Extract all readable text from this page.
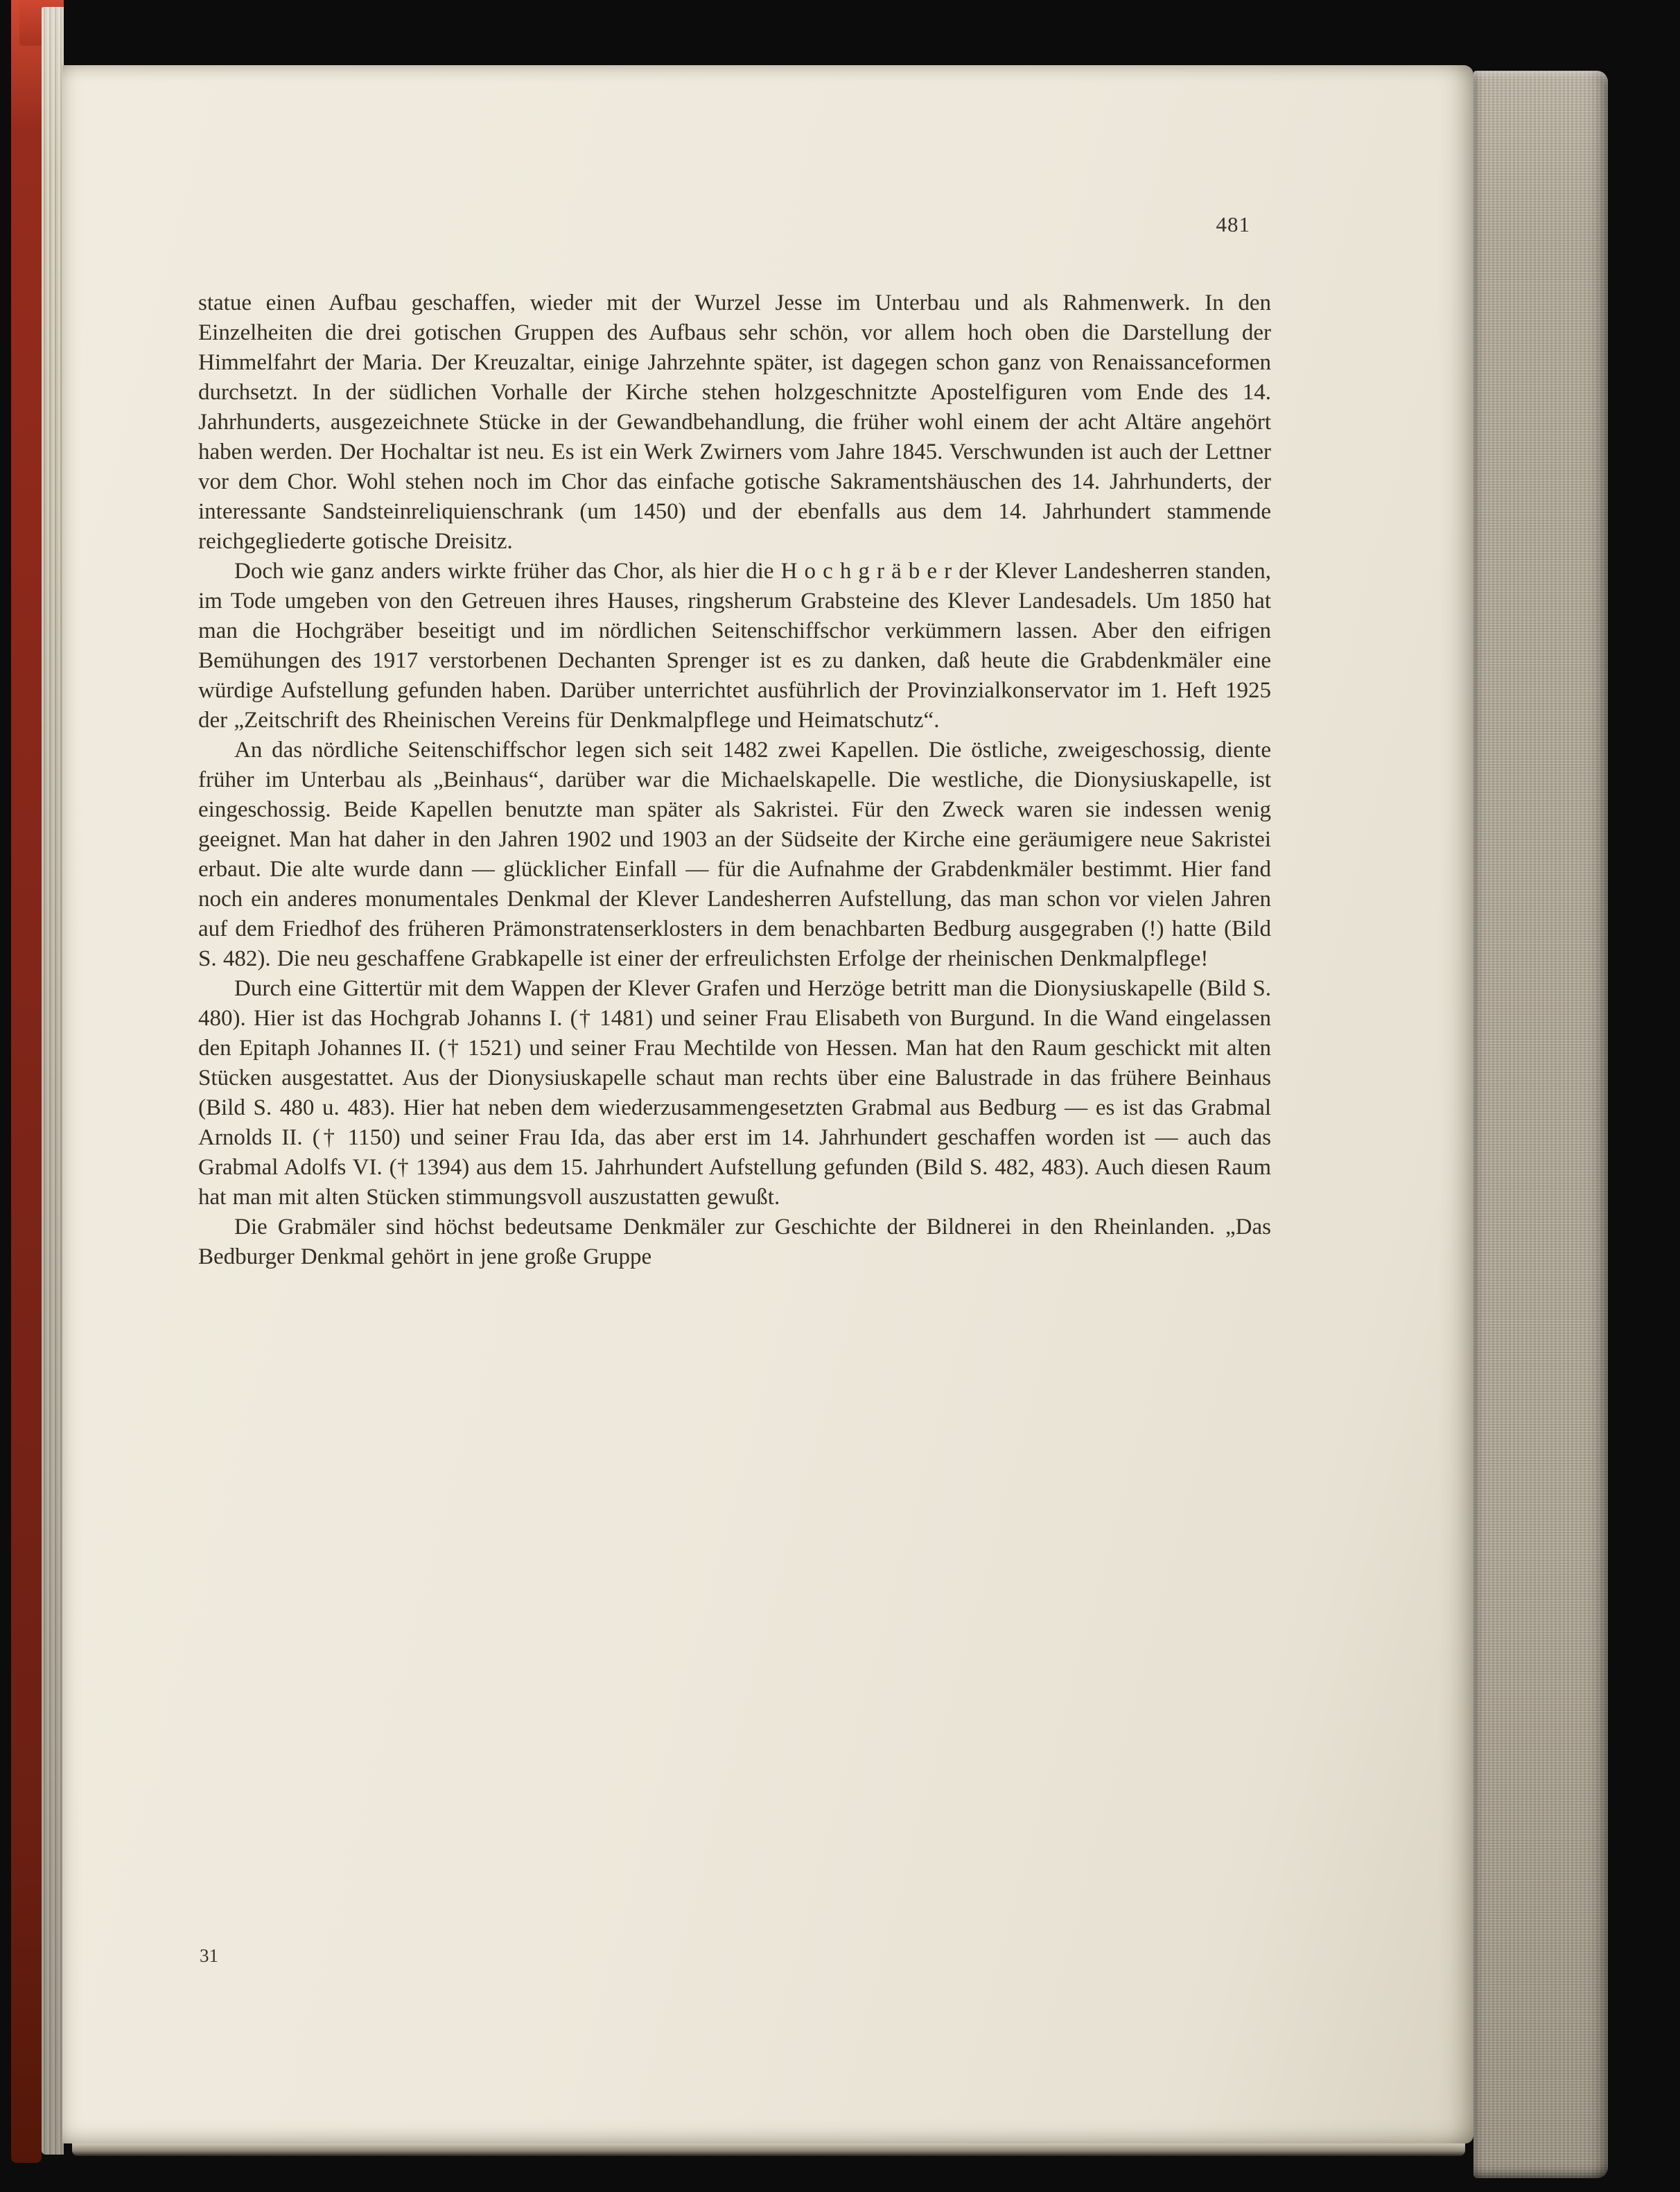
481

statue einen Aufbau geschaffen, wieder mit der Wurzel Jesse im Unterbau und als Rahmenwerk. In den Einzelheiten die drei gotischen Gruppen des Aufbaus sehr schön, vor allem hoch oben die Darstellung der Himmelfahrt der Maria. Der Kreuzaltar, einige Jahrzehnte später, ist dagegen schon ganz von Renaissanceformen durchsetzt. In der südlichen Vorhalle der Kirche stehen holzgeschnitzte Apostelfiguren vom Ende des 14. Jahrhunderts, ausgezeichnete Stücke in der Gewandbehandlung, die früher wohl einem der acht Altäre angehört haben werden. Der Hochaltar ist neu. Es ist ein Werk Zwirners vom Jahre 1845. Verschwunden ist auch der Lettner vor dem Chor. Wohl stehen noch im Chor das einfache gotische Sakramentshäuschen des 14. Jahrhunderts, der interessante Sandsteinreliquienschrank (um 1450) und der ebenfalls aus dem 14. Jahrhundert stammende reichgegliederte gotische Dreisitz.

Doch wie ganz anders wirkte früher das Chor, als hier die H o c h g r ä b e r der Klever Landesherren standen, im Tode umgeben von den Getreuen ihres Hauses, ringsherum Grabsteine des Klever Landesadels. Um 1850 hat man die Hochgräber beseitigt und im nördlichen Seitenschiffschor verkümmern lassen. Aber den eifrigen Bemühungen des 1917 verstorbenen Dechanten Sprenger ist es zu danken, daß heute die Grabdenkmäler eine würdige Aufstellung gefunden haben. Darüber unterrichtet ausführlich der Provinzialkonservator im 1. Heft 1925 der „Zeitschrift des Rheinischen Vereins für Denkmalpflege und Heimatschutz“.

An das nördliche Seitenschiffschor legen sich seit 1482 zwei Kapellen. Die östliche, zweigeschossig, diente früher im Unterbau als „Beinhaus“, darüber war die Michaelskapelle. Die westliche, die Dionysiuskapelle, ist eingeschossig. Beide Kapellen benutzte man später als Sakristei. Für den Zweck waren sie indessen wenig geeignet. Man hat daher in den Jahren 1902 und 1903 an der Südseite der Kirche eine geräumigere neue Sakristei erbaut. Die alte wurde dann — glücklicher Einfall — für die Aufnahme der Grabdenkmäler bestimmt. Hier fand noch ein anderes monumentales Denkmal der Klever Landesherren Aufstellung, das man schon vor vielen Jahren auf dem Friedhof des früheren Prämonstratenserklosters in dem benachbarten Bedburg ausgegraben (!) hatte (Bild S. 482). Die neu geschaffene Grabkapelle ist einer der erfreulichsten Erfolge der rheinischen Denkmalpflege!

Durch eine Gittertür mit dem Wappen der Klever Grafen und Herzöge betritt man die Dionysiuskapelle (Bild S. 480). Hier ist das Hochgrab Johanns I. († 1481) und seiner Frau Elisabeth von Burgund. In die Wand eingelassen den Epitaph Johannes II. († 1521) und seiner Frau Mechtilde von Hessen. Man hat den Raum geschickt mit alten Stücken ausgestattet. Aus der Dionysiuskapelle schaut man rechts über eine Balustrade in das frühere Beinhaus (Bild S. 480 u. 483). Hier hat neben dem wiederzusammengesetzten Grabmal aus Bedburg — es ist das Grabmal Arnolds II. († 1150) und seiner Frau Ida, das aber erst im 14. Jahrhundert geschaffen worden ist — auch das Grabmal Adolfs VI. († 1394) aus dem 15. Jahrhundert Aufstellung gefunden (Bild S. 482, 483). Auch diesen Raum hat man mit alten Stücken stimmungsvoll auszustatten gewußt.

Die Grabmäler sind höchst bedeutsame Denkmäler zur Geschichte der Bildnerei in den Rheinlanden. „Das Bedburger Denkmal gehört in jene große Gruppe

31
